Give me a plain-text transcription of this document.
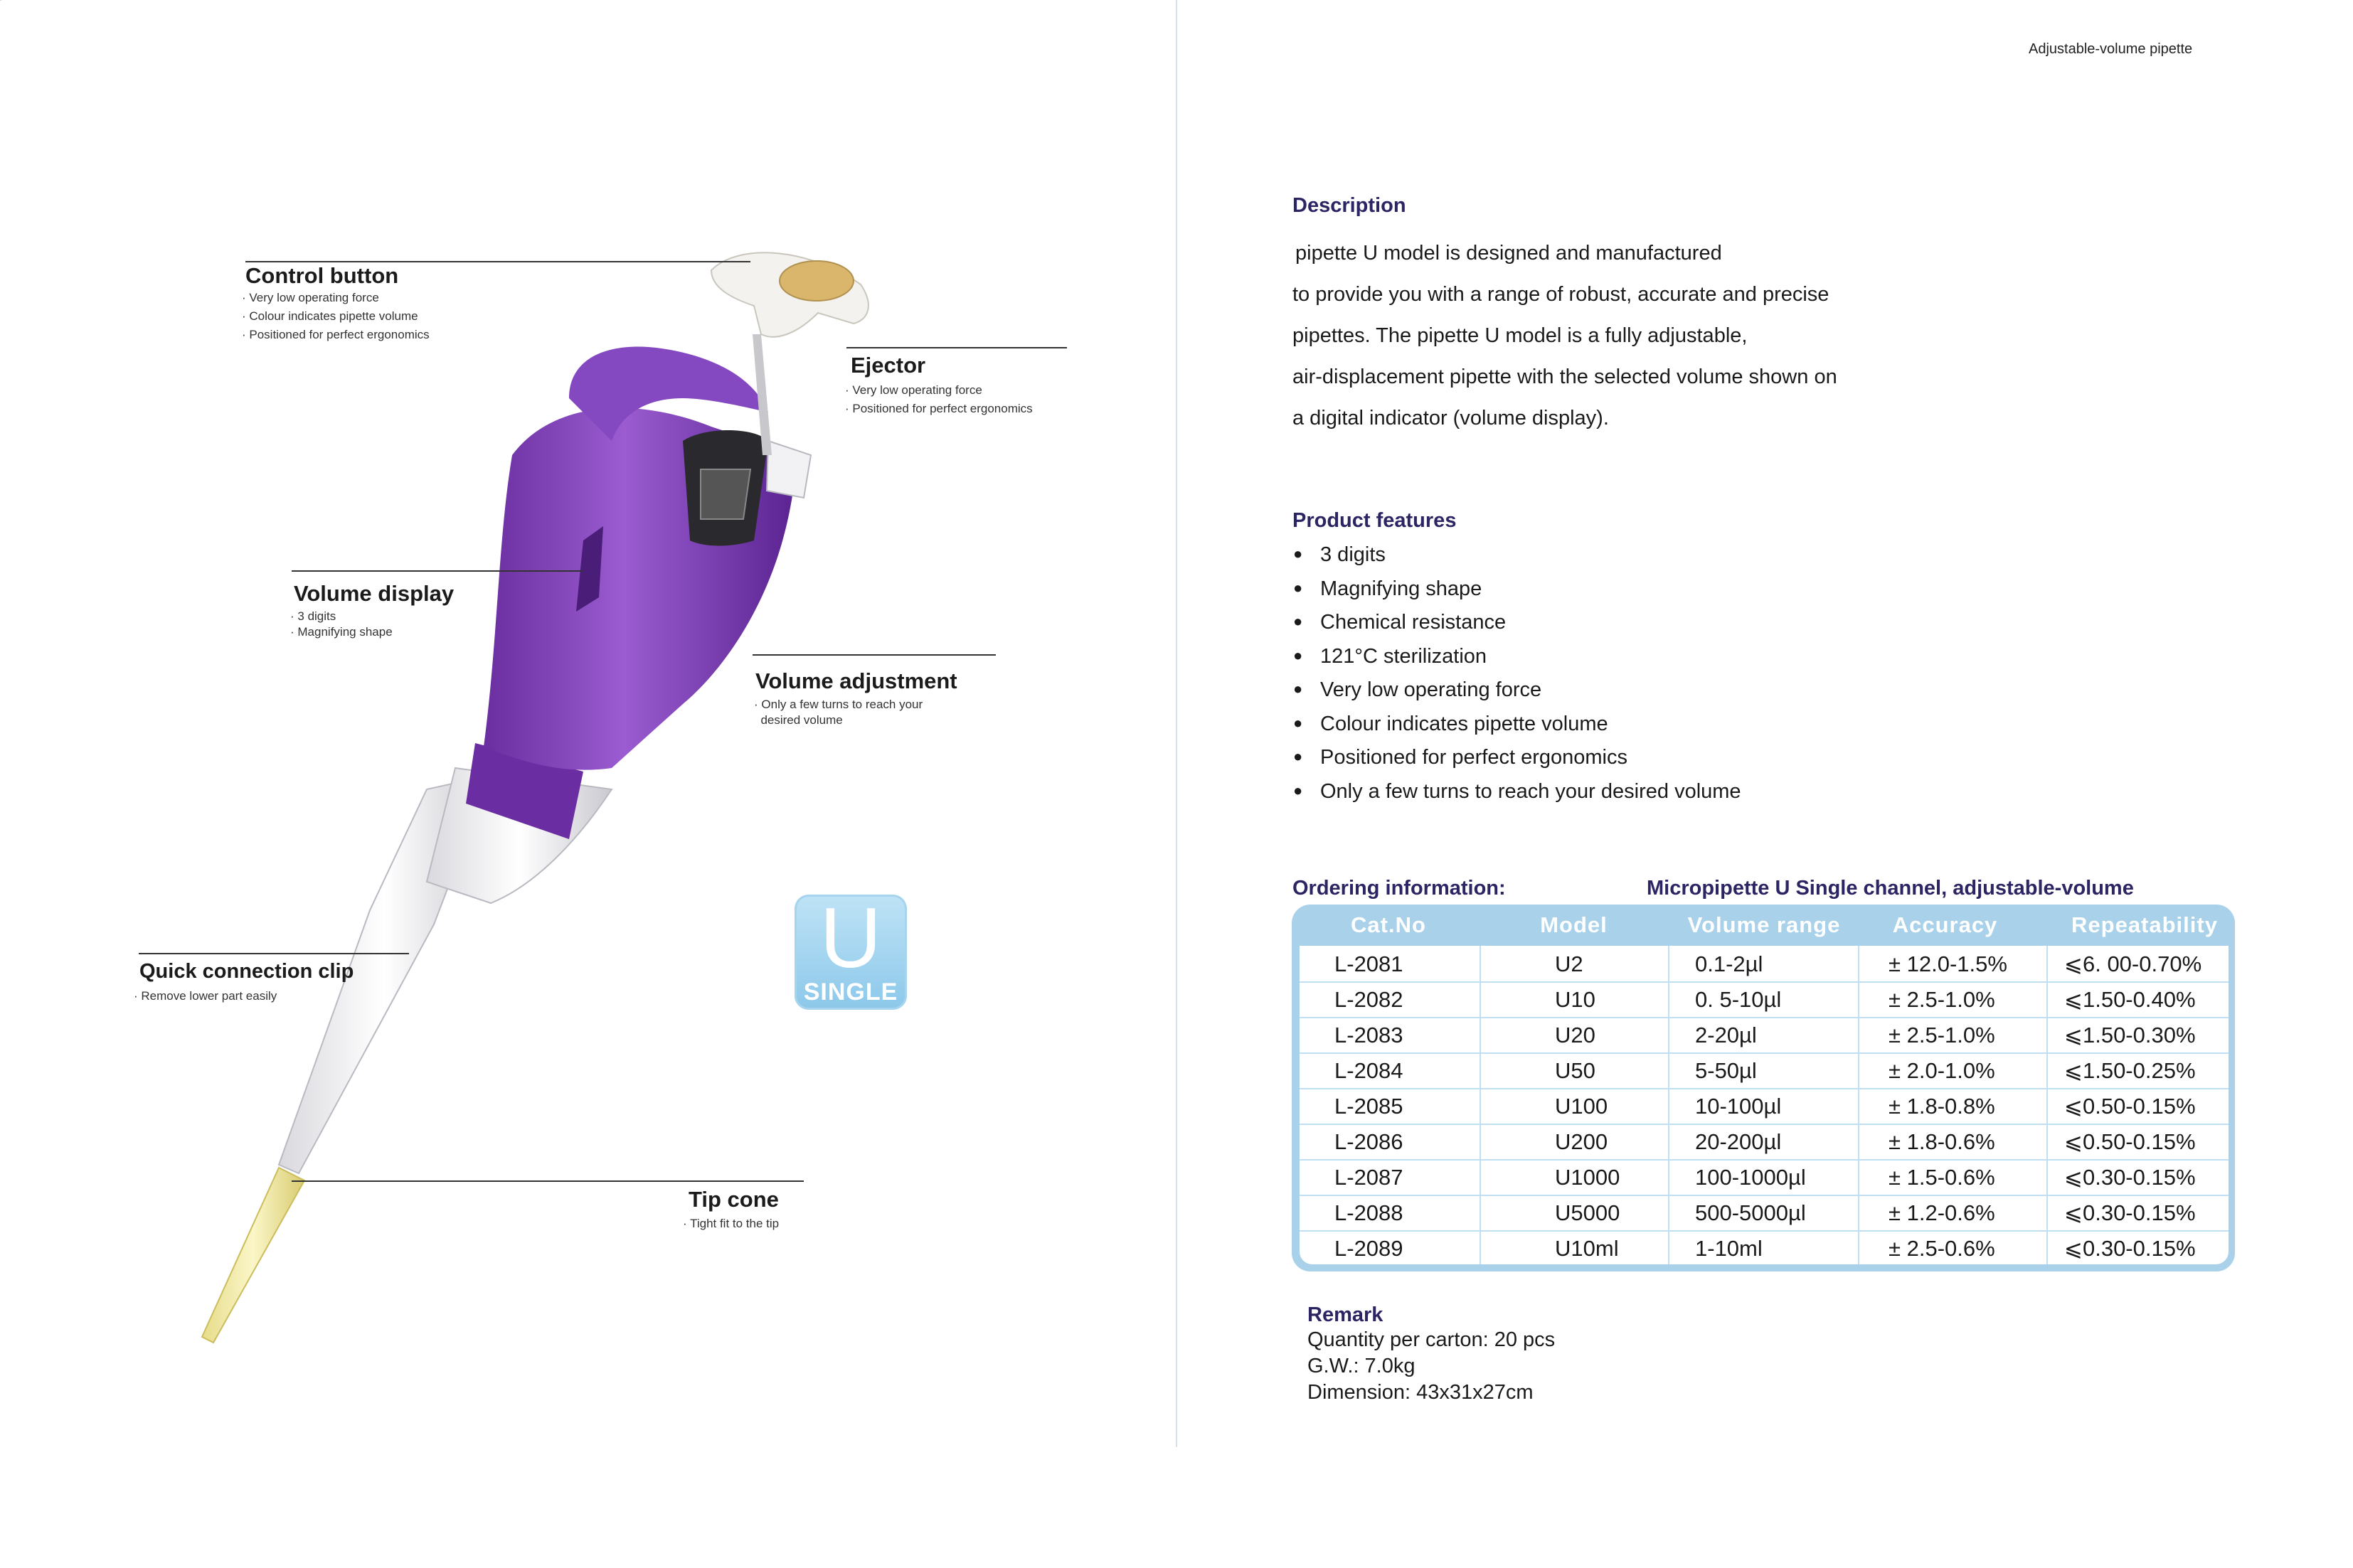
Adjustable-volume pipette
Control button
· Very low operating force
· Colour indicates pipette volume
· Positioned for perfect ergonomics
Ejector
· Very low operating force
· Positioned for perfect ergonomics
Volume display
· 3 digits
· Magnifying shape
Volume adjustment
· Only a few turns to reach your
desired volume
U
SINGLE
Quick connection clip
· Remove lower part easily
Tip cone
· Tight fit to the tip
Description
pipette U model is designed and manufactured
to provide you with a range of robust, accurate and precise
pipettes. The pipette U model is a fully adjustable,
air-displacement pipette with the selected volume shown on
a digital indicator (volume display).
Product features
● 3 digits
● Magnifying shape
● Chemical resistance
● 121°C sterilization
● Very low operating force
● Colour indicates pipette volume
● Positioned for perfect ergonomics
● Only a few turns to reach your desired volume
Ordering information:	Micropipette U Single channel, adjustable-volume
Cat.No	Model	Volume range	Accuracy	Repeatability
L-2081	U2	0.1-2µl	± 12.0-1.5%	⩽6. 00-0.70%
L-2082	U10	0. 5-10µl	± 2.5-1.0%	⩽1.50-0.40%
L-2083	U20	2-20µl	± 2.5-1.0%	⩽1.50-0.30%
L-2084	U50	5-50µl	± 2.0-1.0%	⩽1.50-0.25%
L-2085	U100	10-100µl	± 1.8-0.8%	⩽0.50-0.15%
L-2086	U200	20-200µl	± 1.8-0.6%	⩽0.50-0.15%
L-2087	U1000	100-1000µl	± 1.5-0.6%	⩽0.30-0.15%
L-2088	U5000	500-5000µl	± 1.2-0.6%	⩽0.30-0.15%
L-2089	U10ml	1-10ml	± 2.5-0.6%	⩽0.30-0.15%
Remark
Quantity per carton: 20 pcs
G.W.: 7.0kg
Dimension: 43x31x27cm
